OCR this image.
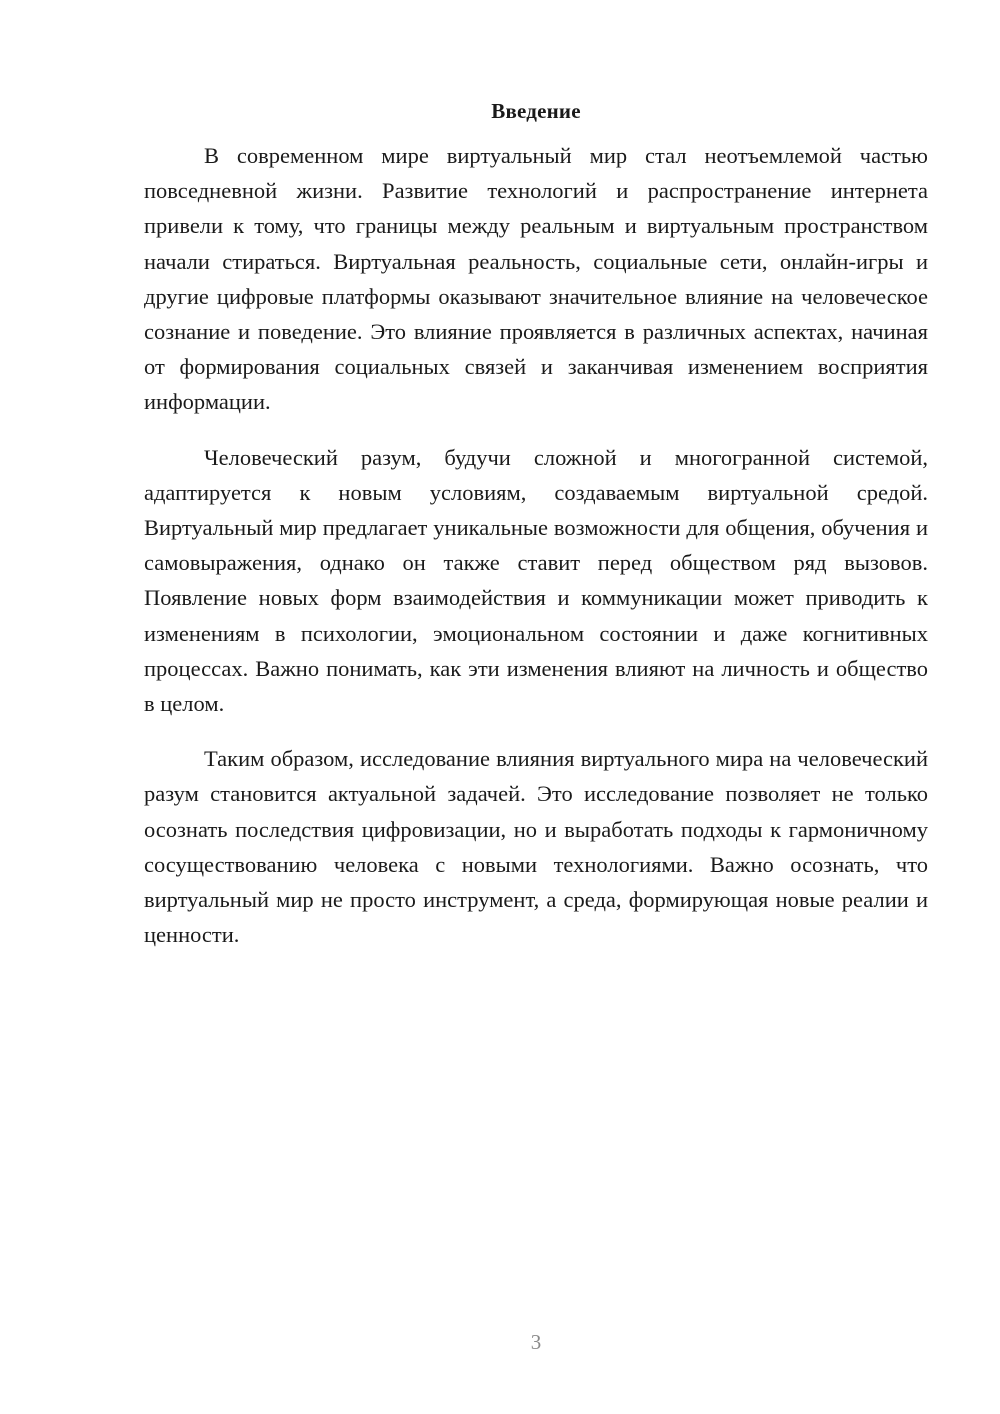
Введение

В современном мире виртуальный мир стал неотъемлемой частью повседневной жизни. Развитие технологий и распространение интернета привели к тому, что границы между реальным и виртуальным пространством начали стираться. Виртуальная реальность, социальные сети, онлайн-игры и другие цифровые платформы оказывают значительное влияние на человеческое сознание и поведение. Это влияние проявляется в различных аспектах, начиная от формирования социальных связей и заканчивая изменением восприятия информации.

Человеческий разум, будучи сложной и многогранной системой, адаптируется к новым условиям, создаваемым виртуальной средой. Виртуальный мир предлагает уникальные возможности для общения, обучения и самовыражения, однако он также ставит перед обществом ряд вызовов. Появление новых форм взаимодействия и коммуникации может приводить к изменениям в психологии, эмоциональном состоянии и даже когнитивных процессах. Важно понимать, как эти изменения влияют на личность и общество в целом.

Таким образом, исследование влияния виртуального мира на человеческий разум становится актуальной задачей. Это исследование позволяет не только осознать последствия цифровизации, но и выработать подходы к гармоничному сосуществованию человека с новыми технологиями. Важно осознать, что виртуальный мир не просто инструмент, а среда, формирующая новые реалии и ценности.

3
